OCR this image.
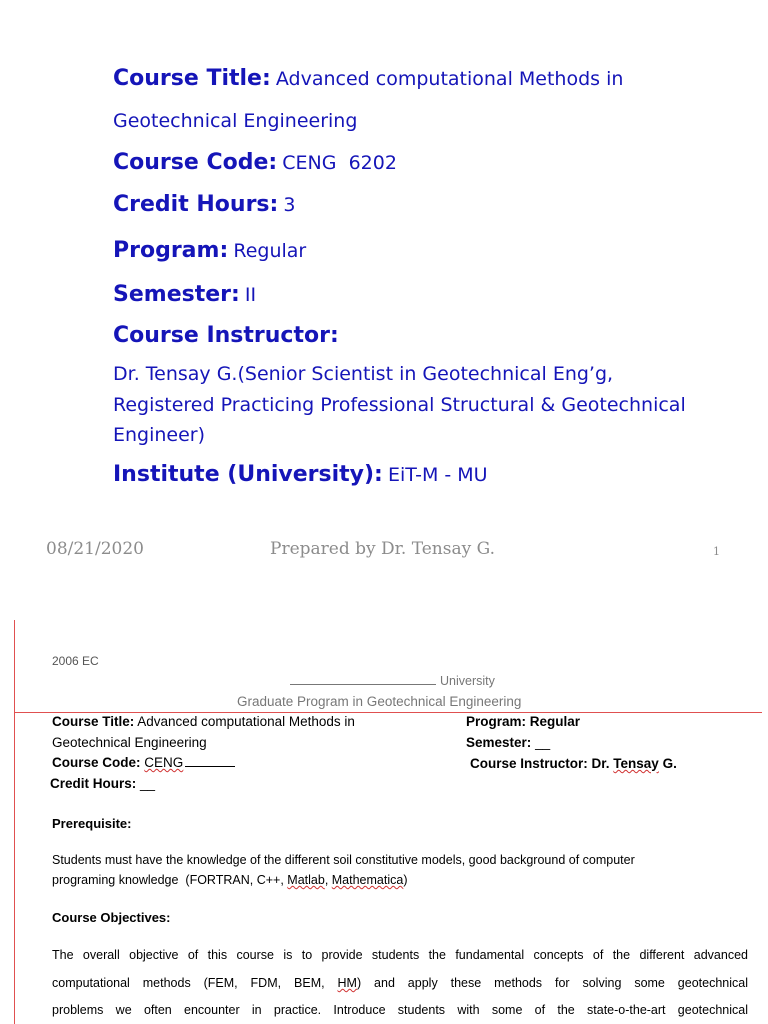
Course Title: Advanced computational Methods in
Geotechnical Engineering
Course Code: CENG  6202
Credit Hours: 3
Program: Regular
Semester: II
Course Instructor:
Dr. Tensay G.(Senior Scientist in Geotechnical Eng’g,
Registered Practicing Professional Structural & Geotechnical
Engineer)
Institute (University): EiT-M - MU
08/21/2020	Prepared by Dr. Tensay G.	1
2006 EC
University
Graduate Program in Geotechnical Engineering
Course Title: Advanced computational Methods in
Geotechnical Engineering
Course Code: CENG
Credit Hours: __
Program: Regular
Semester: __
Course Instructor: Dr. Tensay G.
Prerequisite:
Students must have the knowledge of the different soil constitutive models, good background of computer
programing knowledge  (FORTRAN, C++, Matlab, Mathematica)
Course Objectives:
The overall objective of this course is to provide students the fundamental concepts of the different advanced
computational methods (FEM, FDM, BEM, HM) and apply these methods for solving some geotechnical
problems we often encounter in practice. Introduce students with some of the state-o-the-art geotechnical
